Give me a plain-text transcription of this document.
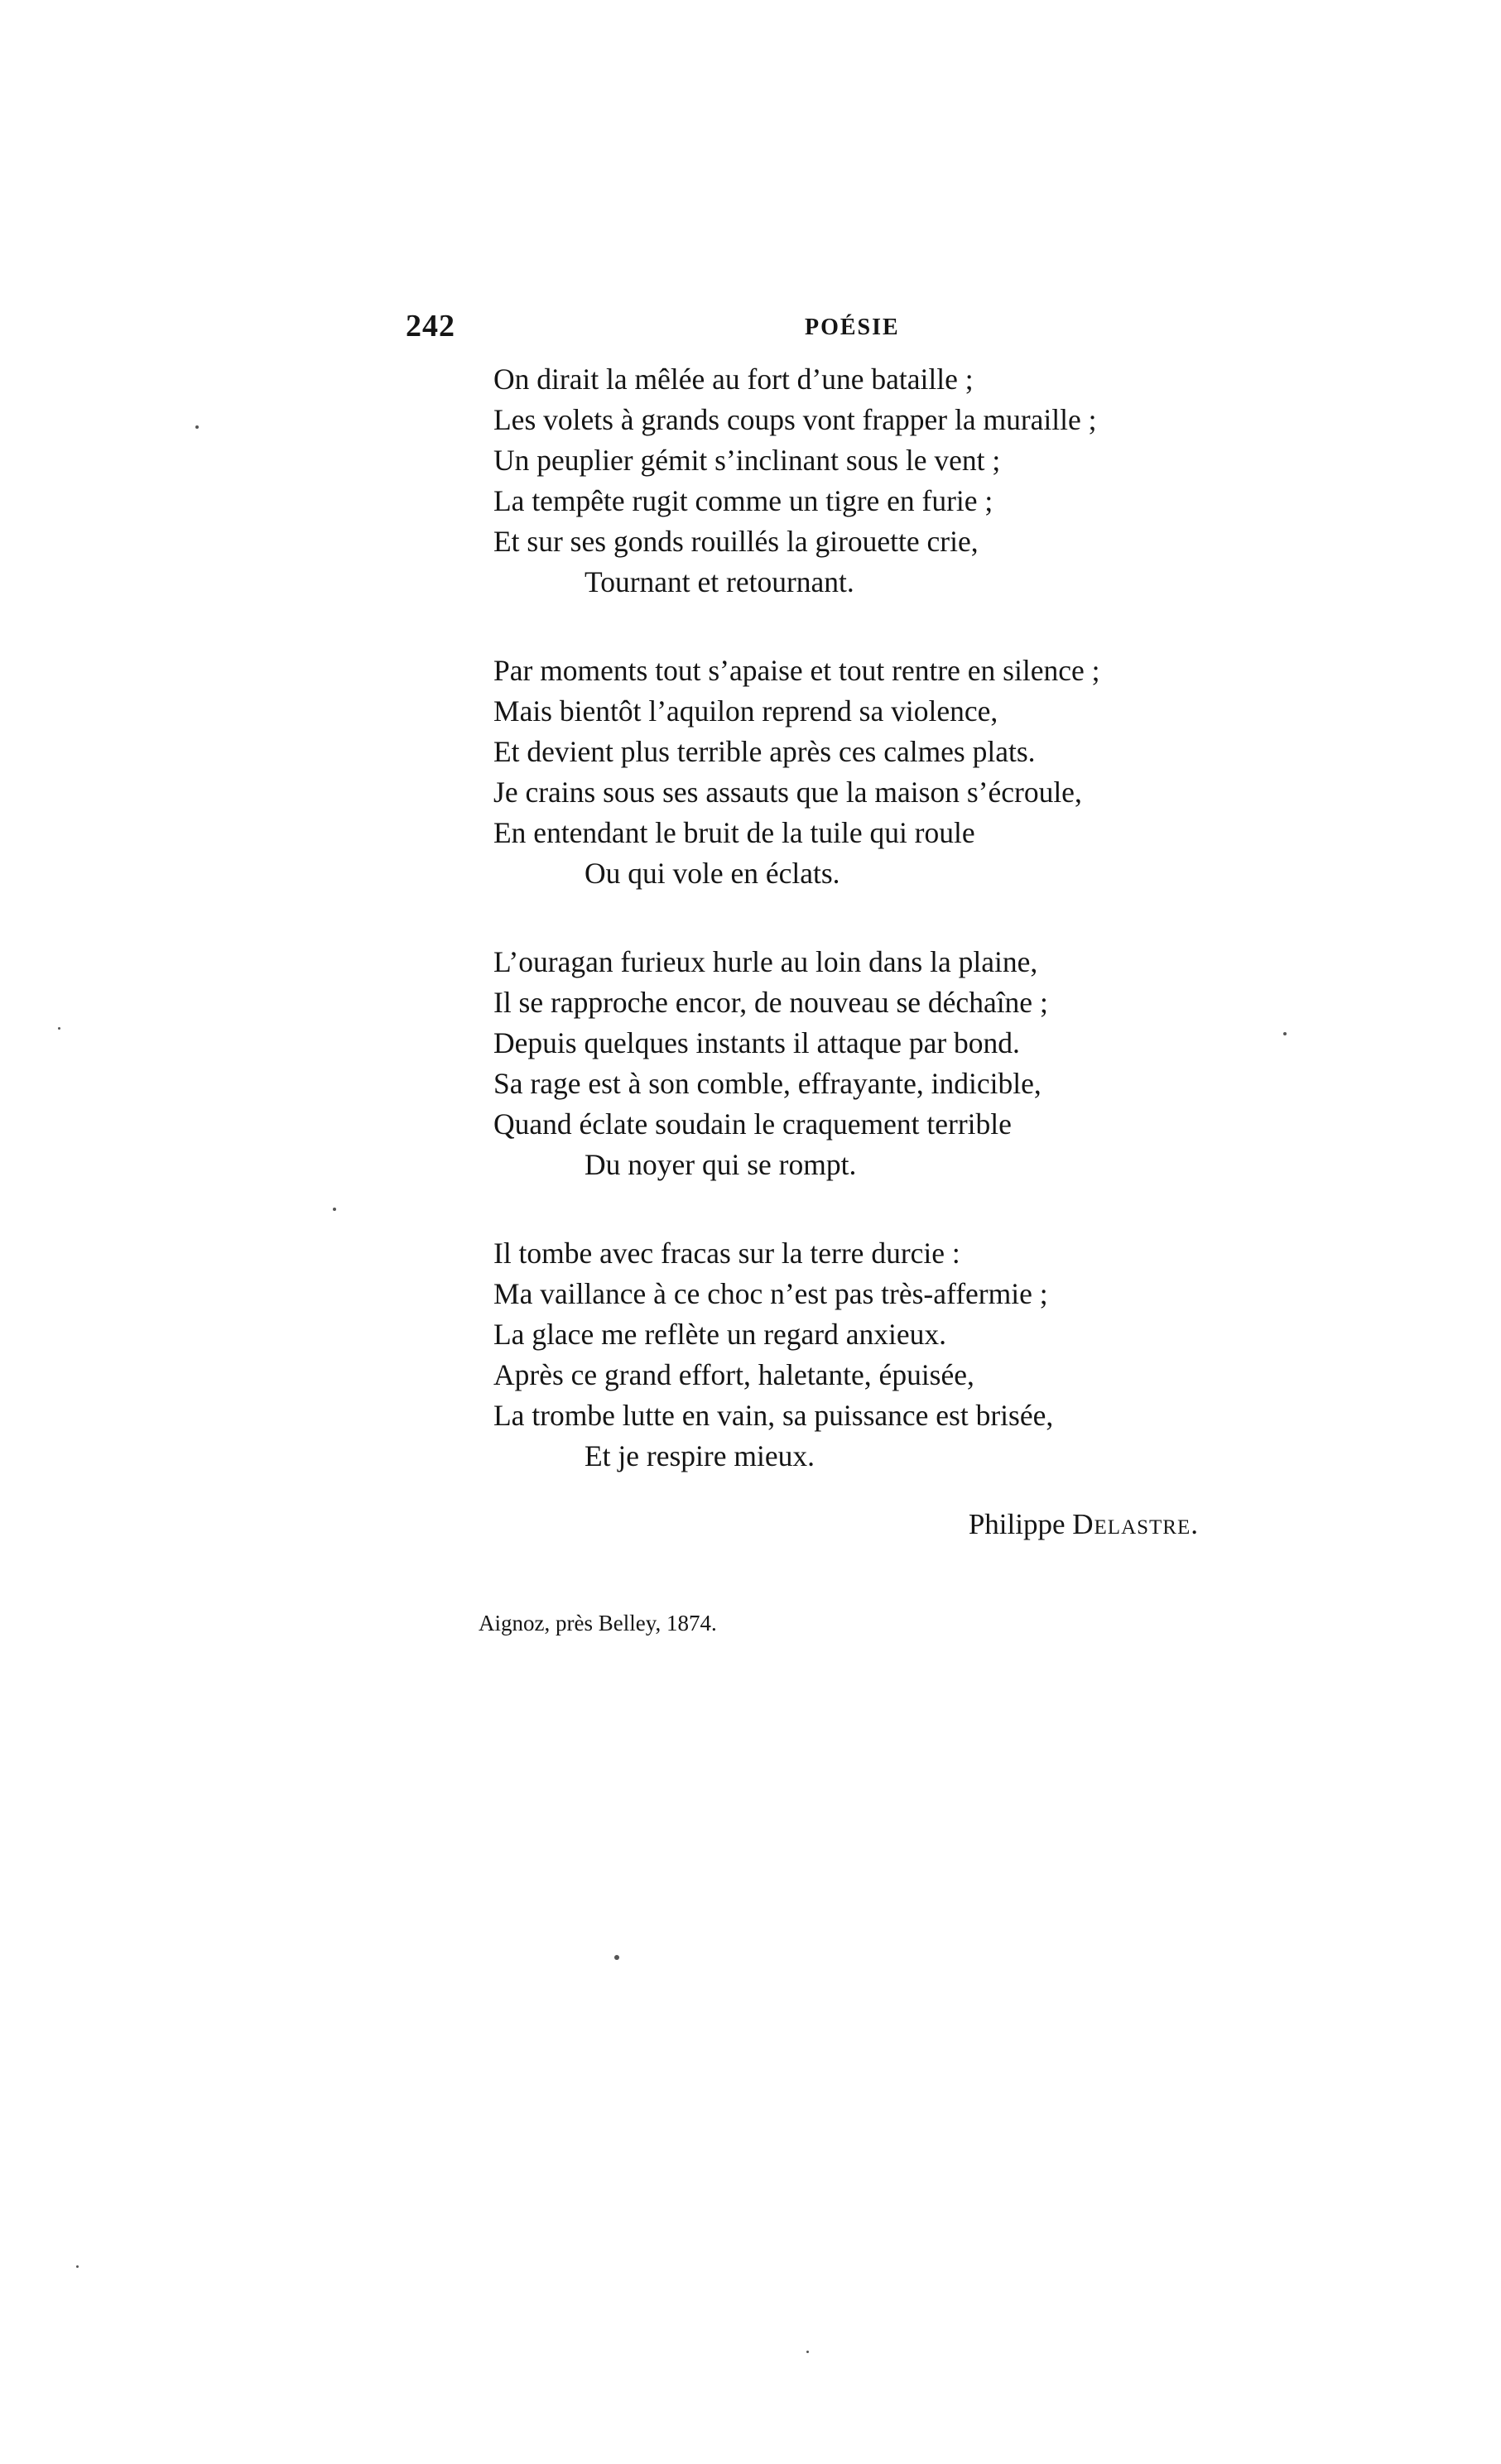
242	POÉSIE
On dirait la mêlée au fort d’une bataille ;
Les volets à grands coups vont frapper la muraille ;
Un peuplier gémit s’inclinant sous le vent ;
La tempête rugit comme un tigre en furie ;
Et sur ses gonds rouillés la girouette crie,
Tournant et retournant.
Par moments tout s’apaise et tout rentre en silence ;
Mais bientôt l’aquilon reprend sa violence,
Et devient plus terrible après ces calmes plats.
Je crains sous ses assauts que la maison s’écroule,
En entendant le bruit de la tuile qui roule
Ou qui vole en éclats.
L’ouragan furieux hurle au loin dans la plaine,
Il se rapproche encor, de nouveau se déchaîne ;
Depuis quelques instants il attaque par bond.
Sa rage est à son comble, effrayante, indicible,
Quand éclate soudain le craquement terrible
Du noyer qui se rompt.
Il tombe avec fracas sur la terre durcie :
Ma vaillance à ce choc n’est pas très-affermie ;
La glace me reflète un regard anxieux.
Après ce grand effort, haletante, épuisée,
La trombe lutte en vain, sa puissance est brisée,
Et je respire mieux.
Philippe Delastre.
Aignoz, près Belley, 1874.
